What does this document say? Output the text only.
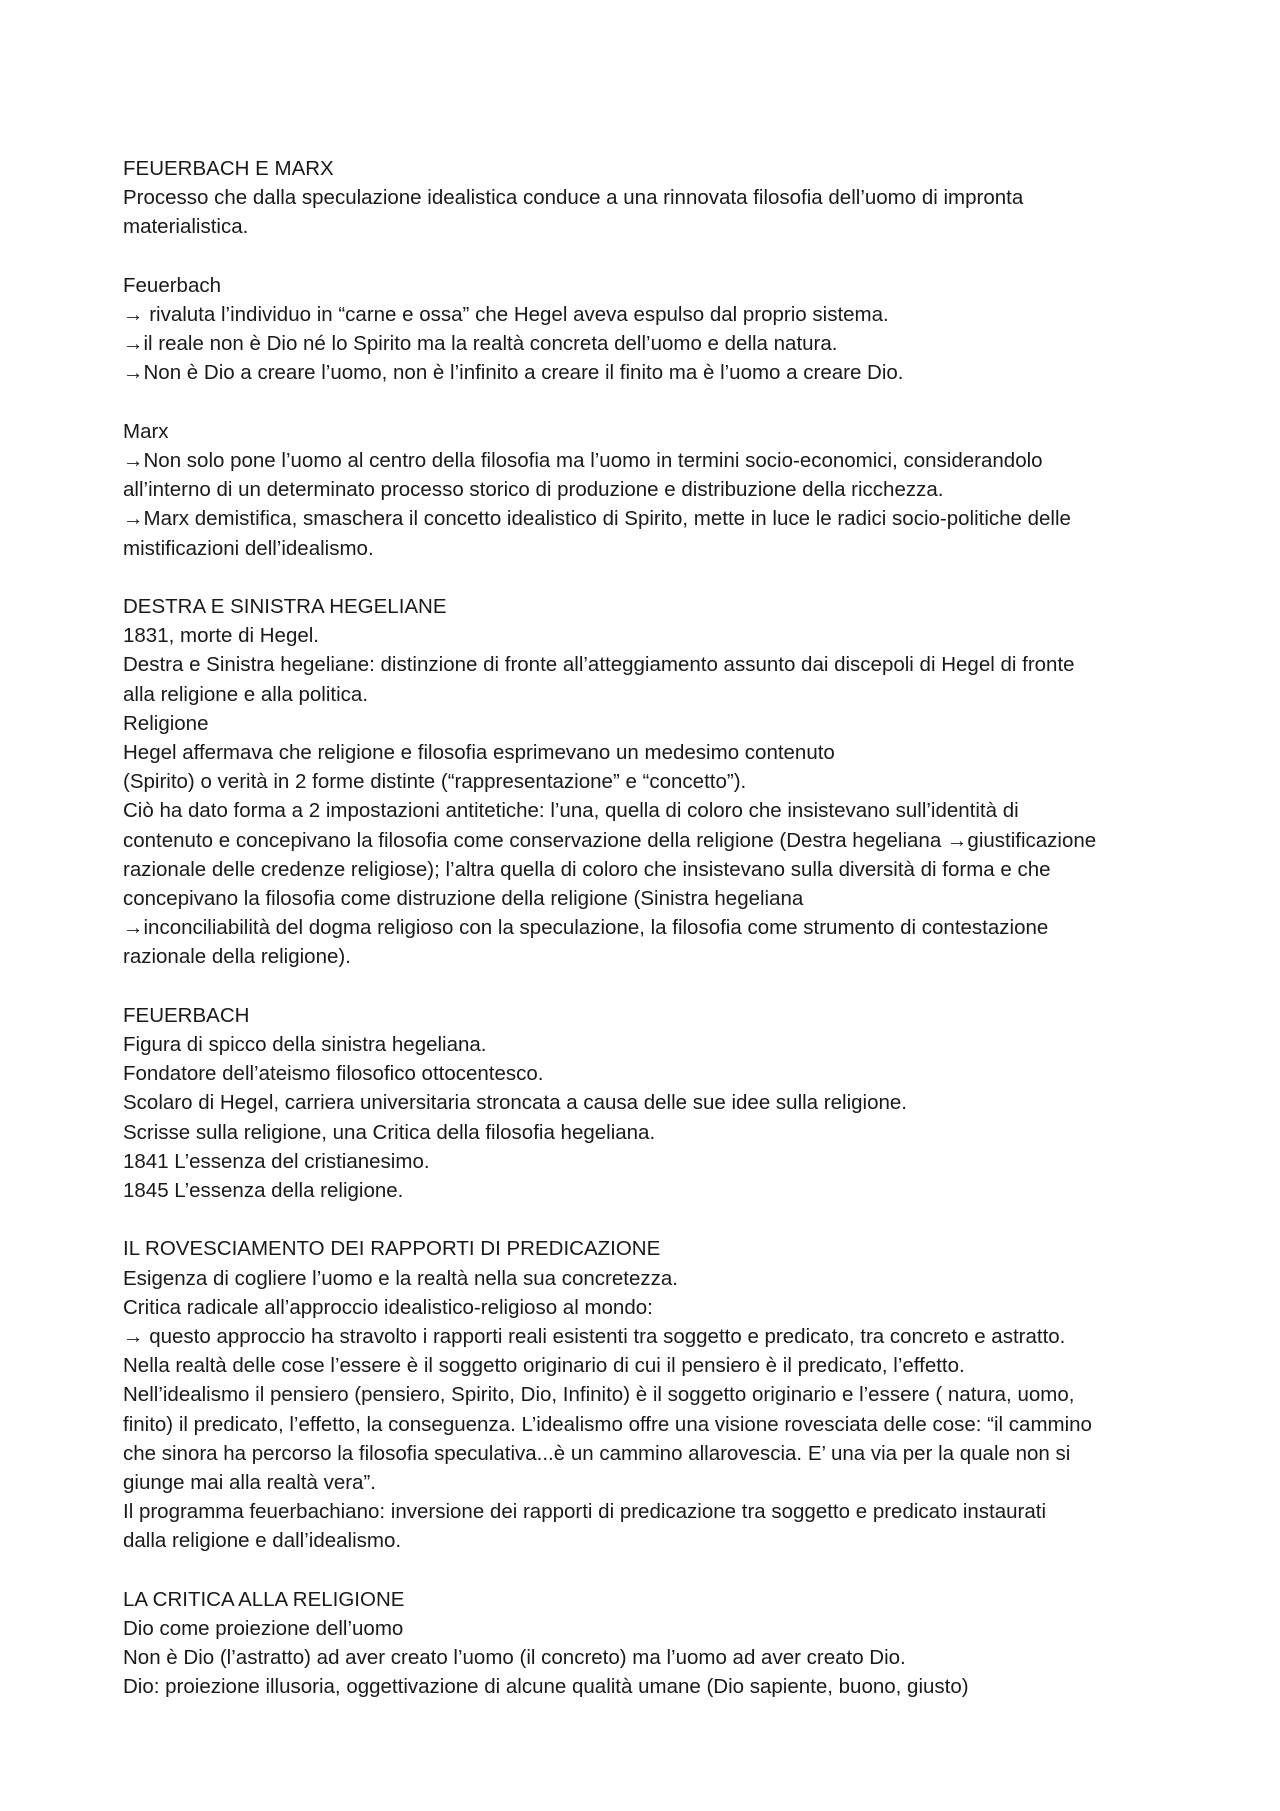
FEUERBACH E MARX

Processo che dalla speculazione idealistica conduce a una rinnovata filosofia dell’uomo di impronta

materialistica.

Feuerbach

→ rivaluta l’individuo in “carne e ossa” che Hegel aveva espulso dal proprio sistema.

→il reale non è Dio né lo Spirito ma la realtà concreta dell’uomo e della natura.

→Non è Dio a creare l’uomo, non è l’infinito a creare il finito ma è l’uomo a creare Dio.

Marx

→Non solo pone l’uomo al centro della filosofia ma l’uomo in termini socio-economici, considerandolo

all’interno di un determinato processo storico di produzione e distribuzione della ricchezza.

→Marx demistifica, smaschera il concetto idealistico di Spirito, mette in luce le radici socio-politiche delle

mistificazioni dell’idealismo.

DESTRA E SINISTRA HEGELIANE

1831, morte di Hegel.

Destra e Sinistra hegeliane: distinzione di fronte all’atteggiamento assunto dai discepoli di Hegel di fronte

alla religione e alla politica.

Religione

Hegel affermava che religione e filosofia esprimevano un medesimo contenuto

(Spirito) o verità in 2 forme distinte (“rappresentazione” e “concetto”).

Ciò ha dato forma a 2 impostazioni antitetiche: l’una, quella di coloro che insistevano sull’identità di

contenuto e concepivano la filosofia come conservazione della religione (Destra hegeliana →giustificazione

razionale delle credenze religiose); l’altra quella di coloro che insistevano sulla diversità di forma e che

concepivano la filosofia come distruzione della religione (Sinistra hegeliana

→inconciliabilità del dogma religioso con la speculazione, la filosofia come strumento di contestazione

razionale della religione).

FEUERBACH

Figura di spicco della sinistra hegeliana.

Fondatore dell’ateismo filosofico ottocentesco.

Scolaro di Hegel, carriera universitaria stroncata a causa delle sue idee sulla religione.

Scrisse sulla religione, una Critica della filosofia hegeliana.

1841 L’essenza del cristianesimo.

1845 L’essenza della religione.

IL ROVESCIAMENTO DEI RAPPORTI DI PREDICAZIONE

Esigenza di cogliere l’uomo e la realtà nella sua concretezza.

Critica radicale all’approccio idealistico-religioso al mondo:

→ questo approccio ha stravolto i rapporti reali esistenti tra soggetto e predicato, tra concreto e astratto.

Nella realtà delle cose l’essere è il soggetto originario di cui il pensiero è il predicato, l’effetto.

Nell’idealismo il pensiero (pensiero, Spirito, Dio, Infinito) è il soggetto originario e l’essere ( natura, uomo,

finito) il predicato, l’effetto, la conseguenza. L’idealismo offre una visione rovesciata delle cose: “il cammino

che sinora ha percorso la filosofia speculativa...è un cammino allarovescia. E’ una via per la quale non si

giunge mai alla realtà vera”.

Il programma feuerbachiano: inversione dei rapporti di predicazione tra soggetto e predicato instaurati

dalla religione e dall’idealismo.

LA CRITICA ALLA RELIGIONE

Dio come proiezione dell’uomo

Non è Dio (l’astratto) ad aver creato l’uomo (il concreto) ma l’uomo ad aver creato Dio.

Dio: proiezione illusoria, oggettivazione di alcune qualità umane (Dio sapiente, buono, giusto)
